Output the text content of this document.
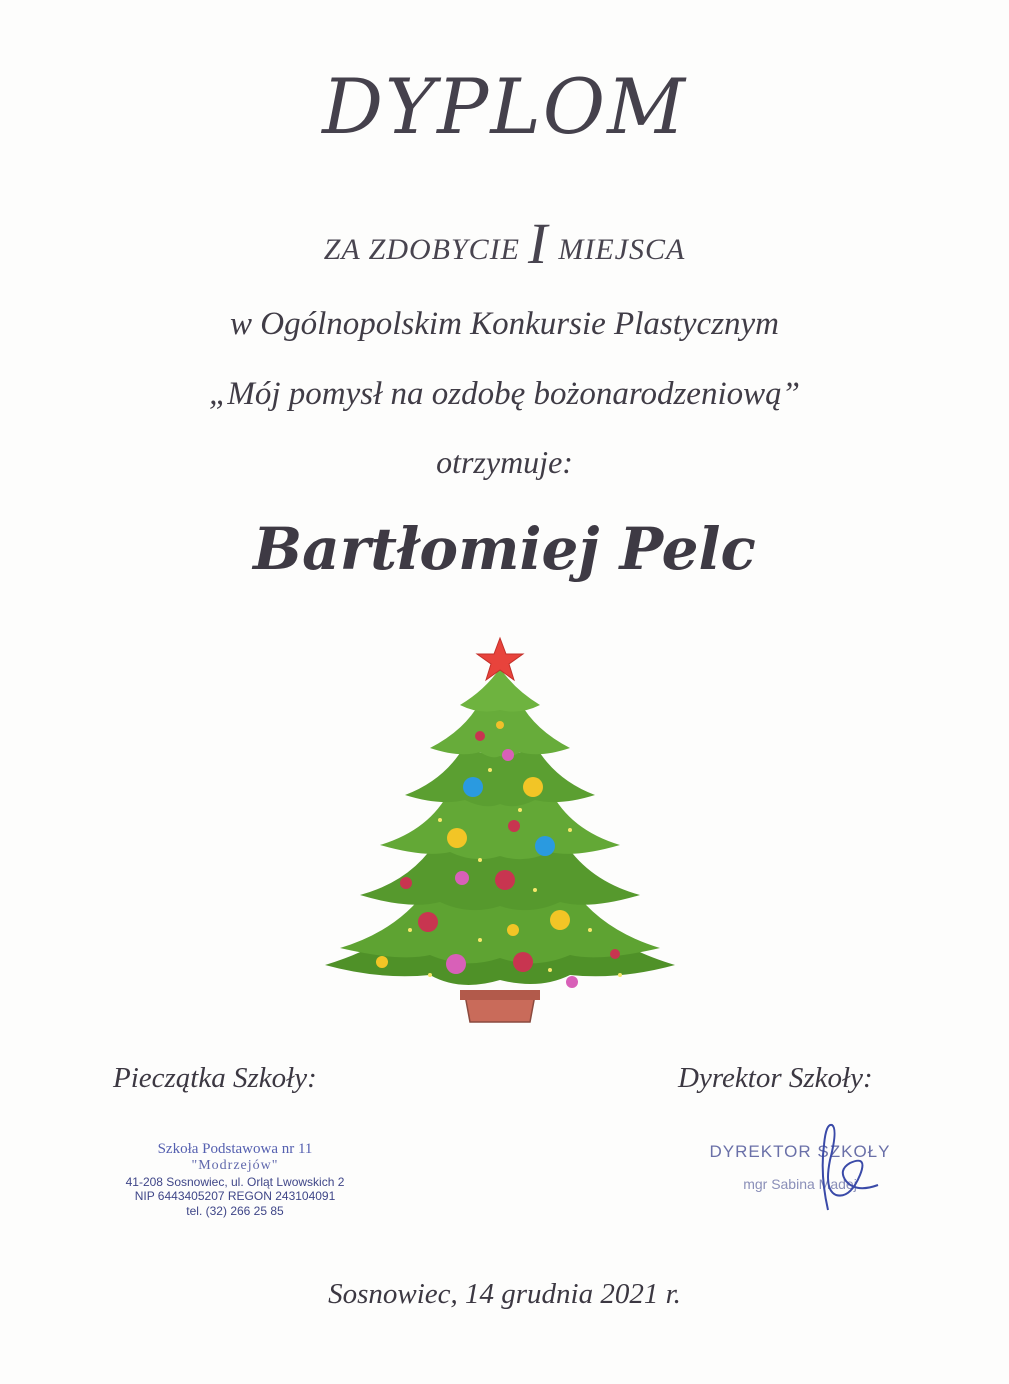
DYPLOM
ZA ZDOBYCIE I MIEJSCA
w Ogólnopolskim Konkursie Plastycznym
„Mój pomysł na ozdobę bożonarodzeniową”
otrzymuje:
Bartłomiej Pelc
Pieczątka Szkoły:	Dyrektor Szkoły:
Szkoła Podstawowa nr 11
"Modrzejów"
41-208 Sosnowiec, ul. Orląt Lwowskich 2
NIP 6443405207 REGON 243104091
tel. (32) 266 25 85
DYREKTOR SZKOŁY
mgr Sabina Madej
Sosnowiec, 14 grudnia 2021 r.
